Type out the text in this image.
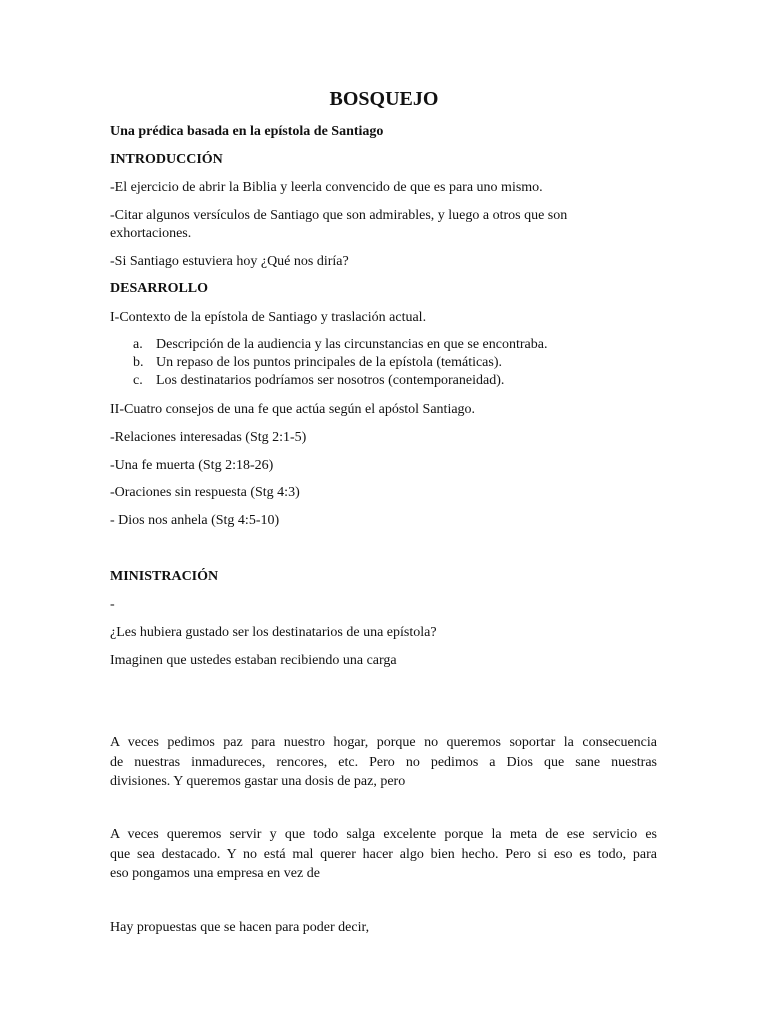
BOSQUEJO
Una prédica basada en la epístola de Santiago
INTRODUCCIÓN
-El ejercicio de abrir la Biblia y leerla convencido de que es para uno mismo.
-Citar algunos versículos de Santiago que son admirables, y luego a otros que son
exhortaciones.
-Si Santiago estuviera hoy ¿Qué nos diría?
DESARROLLO
I-Contexto de la epístola de Santiago y traslación actual.
a. Descripción de la audiencia y las circunstancias en que se encontraba.
b. Un repaso de los puntos principales de la epístola (temáticas).
c. Los destinatarios podríamos ser nosotros (contemporaneidad).
II-Cuatro consejos de una fe que actúa según el apóstol Santiago.
-Relaciones interesadas (Stg 2:1-5)
-Una fe muerta (Stg 2:18-26)
-Oraciones sin respuesta (Stg 4:3)
- Dios nos anhela (Stg 4:5-10)
MINISTRACIÓN
-
¿Les hubiera gustado ser los destinatarios de una epístola?
Imaginen que ustedes estaban recibiendo una carga
A veces pedimos paz para nuestro hogar, porque no queremos soportar la consecuencia
de nuestras inmadureces, rencores, etc. Pero no pedimos a Dios que sane nuestras
divisiones. Y queremos gastar una dosis de paz, pero
A veces queremos servir y que todo salga excelente porque la meta de ese servicio es
que sea destacado. Y no está mal querer hacer algo bien hecho. Pero si eso es todo, para
eso pongamos una empresa en vez de
Hay propuestas que se hacen para poder decir,
